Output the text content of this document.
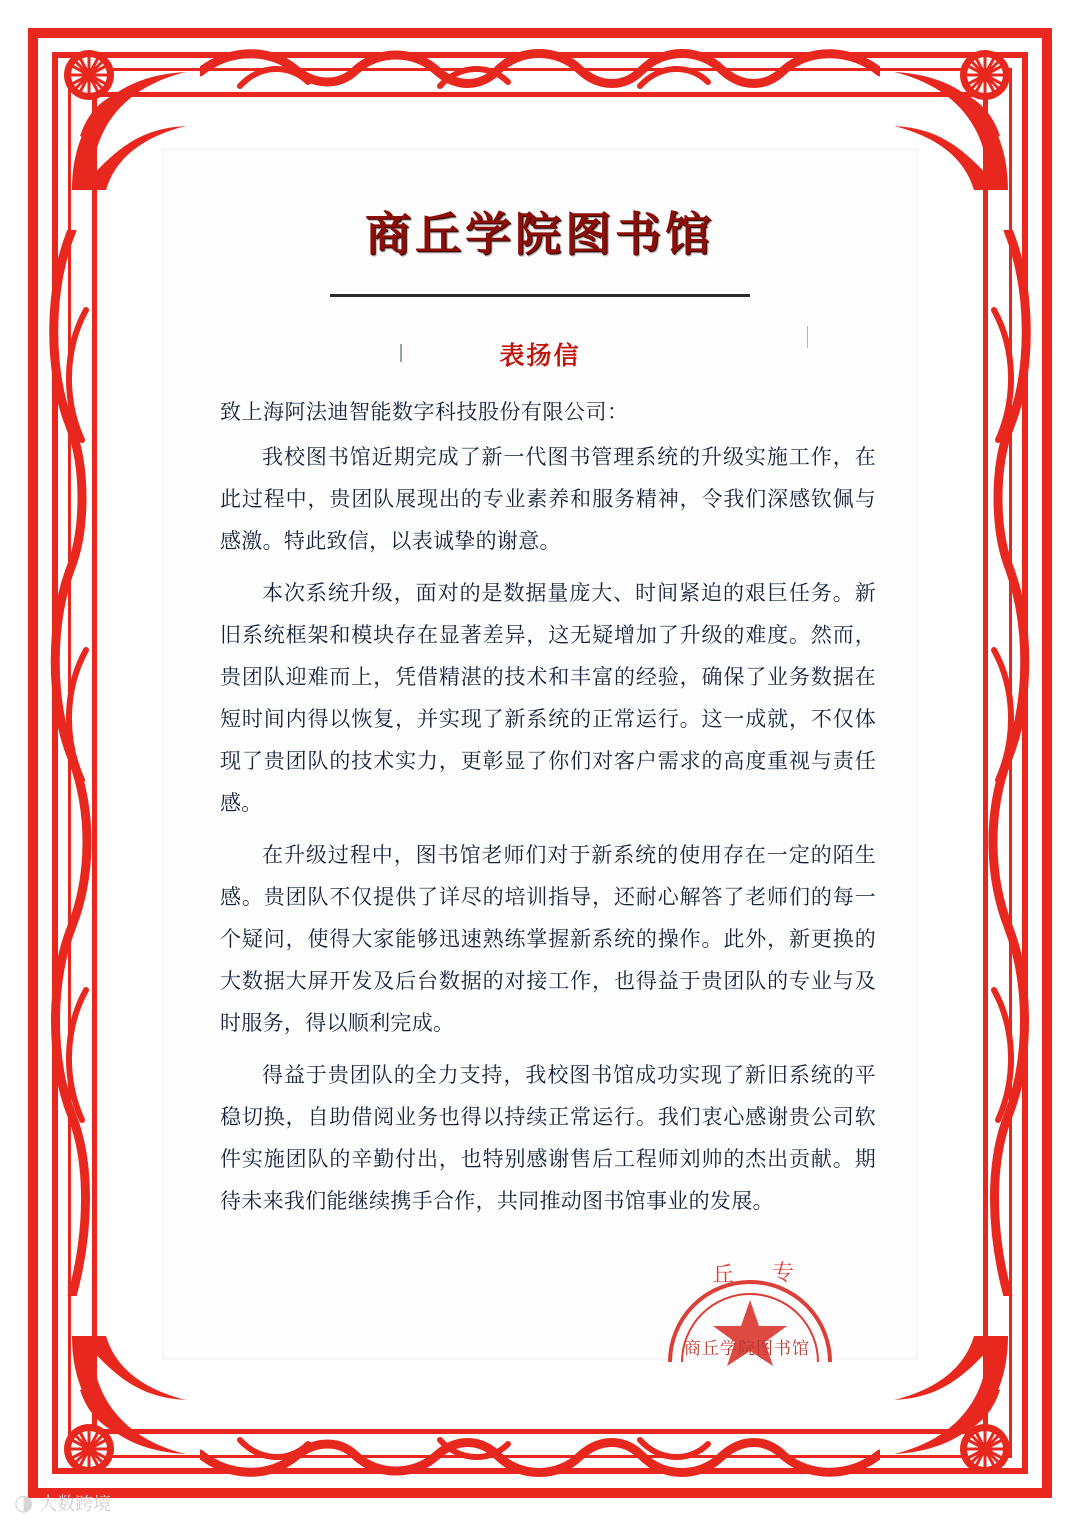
商丘学院图书馆
表扬信
致上海阿法迪智能数字科技股份有限公司：

我校图书馆近期完成了新一代图书管理系统的升级实施工作，在此过程中，贵团队展现出的专业素养和服务精神，令我们深感钦佩与感激。特此致信，以表诚挚的谢意。

本次系统升级，面对的是数据量庞大、时间紧迫的艰巨任务。新旧系统框架和模块存在显著差异，这无疑增加了升级的难度。然而，贵团队迎难而上，凭借精湛的技术和丰富的经验，确保了业务数据在短时间内得以恢复，并实现了新系统的正常运行。这一成就，不仅体现了贵团队的技术实力，更彰显了你们对客户需求的高度重视与责任感。

在升级过程中，图书馆老师们对于新系统的使用存在一定的陌生感。贵团队不仅提供了详尽的培训指导，还耐心解答了老师们的每一个疑问，使得大家能够迅速熟练掌握新系统的操作。此外，新更换的大数据大屏开发及后台数据的对接工作，也得益于贵团队的专业与及时服务，得以顺利完成。

得益于贵团队的全力支持，我校图书馆成功实现了新旧系统的平稳切换，自助借阅业务也得以持续正常运行。我们衷心感谢贵公司软件实施团队的辛勤付出，也特别感谢售后工程师刘帅的杰出贡献。期待未来我们能继续携手合作，共同推动图书馆事业的发展。

丘 专
商丘学院图书馆
◑ 大数跨境
